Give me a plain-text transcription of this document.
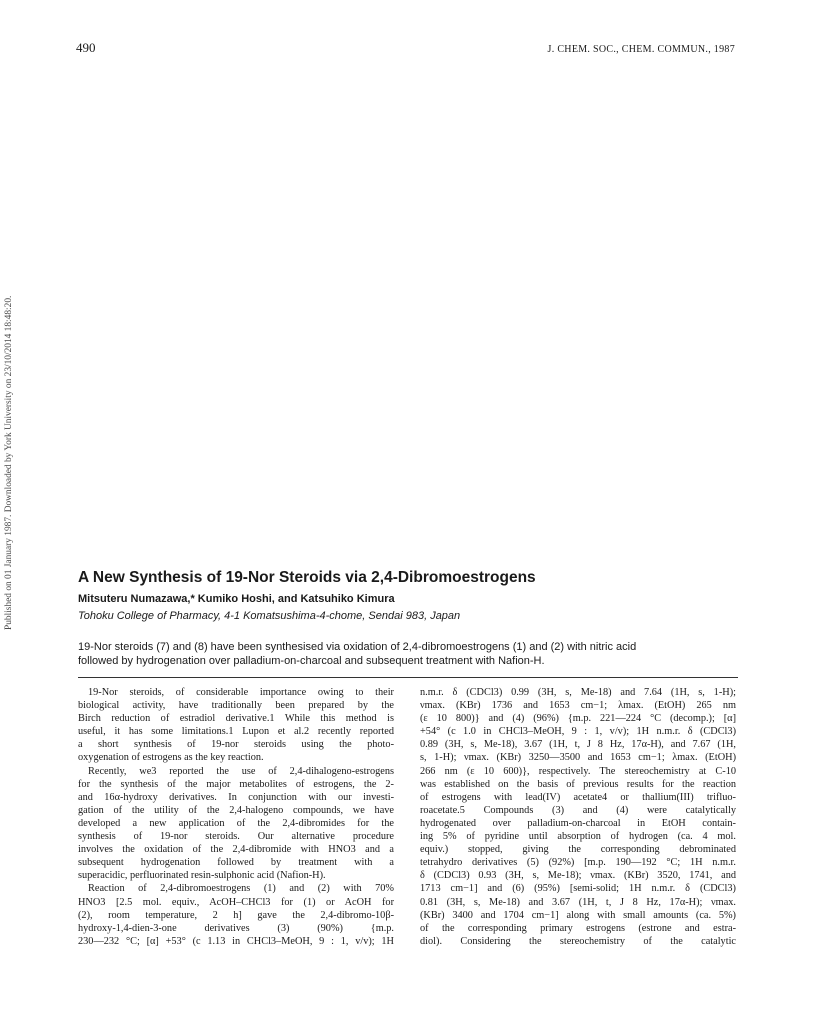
490	J. CHEM. SOC., CHEM. COMMUN., 1987
Published on 01 January 1987. Downloaded by York University on 23/10/2014 18:48:20.	A New Synthesis of 19-Nor Steroids via 2,4-Dibromoestrogens
Mitsuteru Numazawa,* Kumiko Hoshi, and Katsuhiko Kimura
Tohoku College of Pharmacy, 4-1 Komatsushima-4-chome, Sendai 983, Japan
19-Nor steroids (7) and (8) have been synthesised via oxidation of 2,4-dibromoestrogens (1) and (2) with nitric acid
followed by hydrogenation over palladium-on-charcoal and subsequent treatment with Nafion-H.
19-Nor steroids, of considerable importance owing to their
biological activity, have traditionally been prepared by the
Birch reduction of estradiol derivative.1 While this method is
useful, it has some limitations.1 Lupon et al.2 recently reported
a short synthesis of 19-nor steroids using the photo-
oxygenation of estrogens as the key reaction.
Recently, we3 reported the use of 2,4-dihalogeno-estrogens
for the synthesis of the major metabolites of estrogens, the 2-
and 16α-hydroxy derivatives. In conjunction with our investi-
gation of the utility of the 2,4-halogeno compounds, we have
developed a new application of the 2,4-dibromides for the
synthesis of 19-nor steroids. Our alternative procedure
involves the oxidation of the 2,4-dibromide with HNO3 and a
subsequent hydrogenation followed by treatment with a
superacidic, perfluorinated resin-sulphonic acid (Nafion-H).
Reaction of 2,4-dibromoestrogens (1) and (2) with 70%
HNO3 [2.5 mol. equiv., AcOH–CHCl3 for (1) or AcOH for
(2), room temperature, 2 h] gave the 2,4-dibromo-10β-
hydroxy-1,4-dien-3-one derivatives (3) (90%) {m.p.
230—232 °C; [α] +53° (c 1.13 in CHCl3–MeOH, 9 : 1, v/v); 1H
n.m.r. δ (CDCl3) 0.99 (3H, s, Me-18) and 7.64 (1H, s, 1-H);
νmax. (KBr) 1736 and 1653 cm−1; λmax. (EtOH) 265 nm
(ε 10 800)} and (4) (96%) {m.p. 221—224 °C (decomp.); [α]
+54° (c 1.0 in CHCl3–MeOH, 9 : 1, v/v); 1H n.m.r. δ (CDCl3)
0.89 (3H, s, Me-18), 3.67 (1H, t, J 8 Hz, 17α-H), and 7.67 (1H,
s, 1-H); νmax. (KBr) 3250—3500 and 1653 cm−1; λmax. (EtOH)
266 nm (ε 10 600)}, respectively. The stereochemistry at C-10
was established on the basis of previous results for the reaction
of estrogens with lead(IV) acetate4 or thallium(III) trifluo-
roacetate.5 Compounds (3) and (4) were catalytically
hydrogenated over palladium-on-charcoal in EtOH contain-
ing 5% of pyridine until absorption of hydrogen (ca. 4 mol.
equiv.) stopped, giving the corresponding debrominated
tetrahydro derivatives (5) (92%) [m.p. 190—192 °C; 1H n.m.r.
δ (CDCl3) 0.93 (3H, s, Me-18); νmax. (KBr) 3520, 1741, and
1713 cm−1] and (6) (95%) [semi-solid; 1H n.m.r. δ (CDCl3)
0.81 (3H, s, Me-18) and 3.67 (1H, t, J 8 Hz, 17α-H); νmax.
(KBr) 3400 and 1704 cm−1] along with small amounts (ca. 5%)
of the corresponding primary estrogens (estrone and estra-
diol). Considering the stereochemistry of the catalytic
